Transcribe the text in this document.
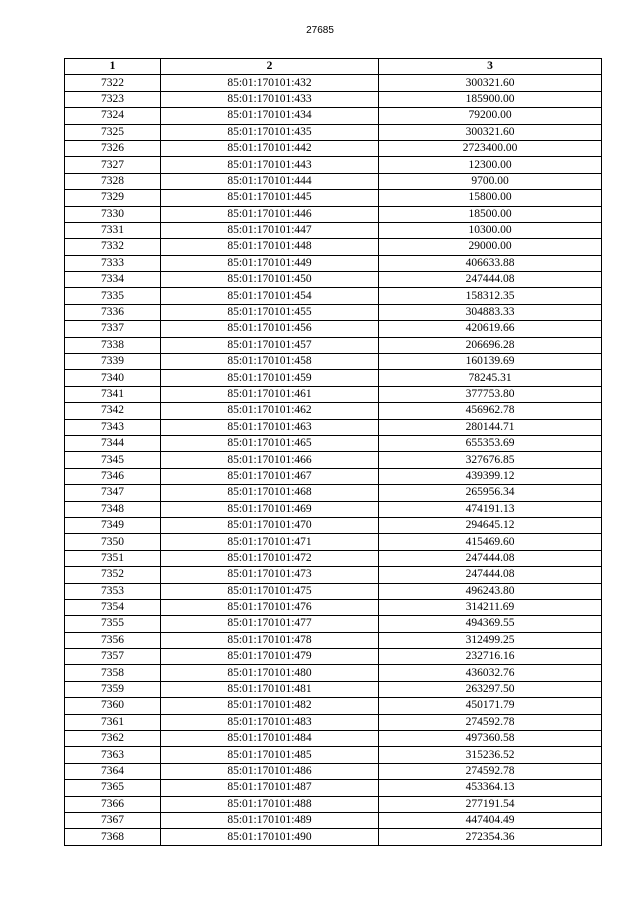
27685
1	2	3
7322	85:01:170101:432	300321.60
7323	85:01:170101:433	185900.00
7324	85:01:170101:434	79200.00
7325	85:01:170101:435	300321.60
7326	85:01:170101:442	2723400.00
7327	85:01:170101:443	12300.00
7328	85:01:170101:444	9700.00
7329	85:01:170101:445	15800.00
7330	85:01:170101:446	18500.00
7331	85:01:170101:447	10300.00
7332	85:01:170101:448	29000.00
7333	85:01:170101:449	406633.88
7334	85:01:170101:450	247444.08
7335	85:01:170101:454	158312.35
7336	85:01:170101:455	304883.33
7337	85:01:170101:456	420619.66
7338	85:01:170101:457	206696.28
7339	85:01:170101:458	160139.69
7340	85:01:170101:459	78245.31
7341	85:01:170101:461	377753.80
7342	85:01:170101:462	456962.78
7343	85:01:170101:463	280144.71
7344	85:01:170101:465	655353.69
7345	85:01:170101:466	327676.85
7346	85:01:170101:467	439399.12
7347	85:01:170101:468	265956.34
7348	85:01:170101:469	474191.13
7349	85:01:170101:470	294645.12
7350	85:01:170101:471	415469.60
7351	85:01:170101:472	247444.08
7352	85:01:170101:473	247444.08
7353	85:01:170101:475	496243.80
7354	85:01:170101:476	314211.69
7355	85:01:170101:477	494369.55
7356	85:01:170101:478	312499.25
7357	85:01:170101:479	232716.16
7358	85:01:170101:480	436032.76
7359	85:01:170101:481	263297.50
7360	85:01:170101:482	450171.79
7361	85:01:170101:483	274592.78
7362	85:01:170101:484	497360.58
7363	85:01:170101:485	315236.52
7364	85:01:170101:486	274592.78
7365	85:01:170101:487	453364.13
7366	85:01:170101:488	277191.54
7367	85:01:170101:489	447404.49
7368	85:01:170101:490	272354.36
